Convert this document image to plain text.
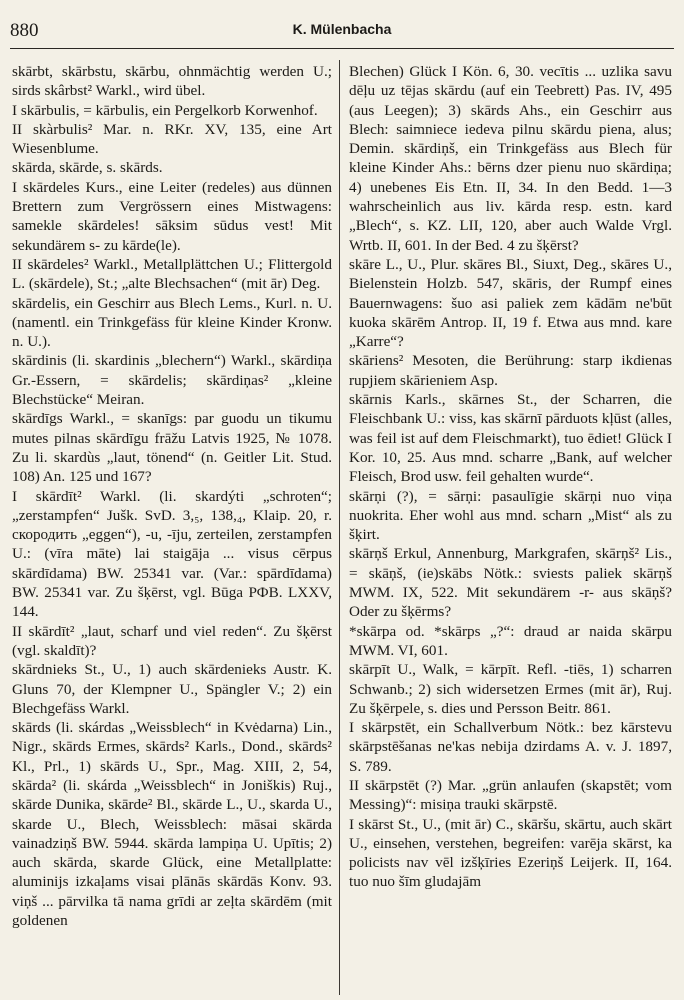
880	K. Mülenbacha
skārbt, skārbstu, skārbu, ohnmächtig werden U.; sirds skârbst² Warkl., wird übel.
I skārbulis, = kārbulis, ein Pergelkorb Korwenhof.
II skàrbulis² Mar. n. RKr. XV, 135, eine Art Wiesenblume.
skārda, skārde, s. skārds.
I skārdeles Kurs., eine Leiter (redeles) aus dünnen Brettern zum Vergrössern eines Mistwagens: samekle skārdeles! sāksim sūdus vest! Mit sekundärem s- zu kārde(le).
II skārdeles² Warkl., Metallplättchen U.; Flittergold L. (skārdele), St.; „alte Blechsachen“ (mit ār) Deg.
skārdelis, ein Geschirr aus Blech Lems., Kurl. n. U. (namentl. ein Trinkgefäss für kleine Kinder Kronw. n. U.).
skārdinis (li. skardinis „blechern“) Warkl., skārdiņa Gr.-Essern, = skārdelis; skārdiņas² „kleine Blechstücke“ Meiran.
skārdīgs Warkl., = skanīgs: par guodu un tikumu mutes pilnas skārdīgu frāžu Latvis 1925, № 1078. Zu li. skardùs „laut, tönend“ (n. Geitler Lit. Stud. 108) An. 125 und 167?
I skārdīt² Warkl. (li. skardýti „schroten“; „zerstampfen“ Jušk. SvD. 3,₅, 138,₄, Klaip. 20, r. скородить „eggen“), -u, -īju, zerteilen, zerstampfen U.: (vīra māte) lai staigāja ... visus cērpus skārdīdama) BW. 25341 var. (Var.: spārdīdama) BW. 25341 var. Zu šķērst, vgl. Būga РФВ. LXXV, 144.
II skārdīt² „laut, scharf und viel reden“. Zu šķērst (vgl. skaldīt)?
skārdnieks St., U., 1) auch skārdenieks Austr. K. Gluns 70, der Klempner U., Spängler V.; 2) ein Blechgefäss Warkl.
skārds (li. skárdas „Weissblech“ in Kvėdarna) Lin., Nigr., skārds Ermes, skārds² Karls., Dond., skārds² Kl., Prl., 1) skārds U., Spr., Mag. XIII, 2, 54, skārda² (li. skárda „Weissblech“ in Joniškis) Ruj., skārde Dunika, skārde² Bl., skārde L., U., skarda U., skarde U., Blech, Weissblech: māsai skārda vainadziņš BW. 5944. skārda lampiņa U. Upītis; 2) auch skārda, skarde Glück, eine Metallplatte: aluminijs izkaļams visai plānās skārdās Konv. 93. viņš ... pārvilka tā nama grīdi ar zeļta skārdēm (mit goldenen
Blechen) Glück I Kön. 6, 30. vecītis ... uzlika savu dēļu uz tējas skārdu (auf ein Teebrett) Pas. IV, 495 (aus Leegen); 3) skārds Ahs., ein Geschirr aus Blech: saimniece iedeva pilnu skārdu piena, alus; Demin. skārdiņš, ein Trinkgefäss aus Blech für kleine Kinder Ahs.: bērns dzer pienu nuo skārdiņa; 4) unebenes Eis Etn. II, 34. In den Bedd. 1—3 wahrscheinlich aus liv. kārda resp. estn. kard „Blech“, s. KZ. LII, 120, aber auch Walde Vrgl. Wrtb. II, 601. In der Bed. 4 zu šķērst?
skāre L., U., Plur. skāres Bl., Siuxt, Deg., skāres U., Bielenstein Holzb. 547, skāris, der Rumpf eines Bauernwagens: šuo asi paliek zem kādām ne'būt kuoka skārēm Antrop. II, 19 f. Etwa aus mnd. kare „Karre“?
skāriens² Mesoten, die Berührung: starp ikdienas rupjiem skārieniem Asp.
skārnis Karls., skārnes St., der Scharren, die Fleischbank U.: viss, kas skārnī pārduots kļūst (alles, was feil ist auf dem Fleischmarkt), tuo ēdiet! Glück I Kor. 10, 25. Aus mnd. scharre „Bank, auf welcher Fleisch, Brod usw. feil gehalten wurde“.
skārņi (?), = sārņi: pasaulīgie skārņi nuo viņa nuokrita. Eher wohl aus mnd. scharn „Mist“ als zu šķirt.
skārņš Erkul, Annenburg, Markgrafen, skārņš² Lis., = skāņš, (ie)skābs Nötk.: sviests paliek skārņš MWM. IX, 522. Mit sekundärem -r- aus skāņš? Oder zu šķērms?
*skārpa od. *skārps „?“: draud ar naida skārpu MWM. VI, 601.
skārpīt U., Walk, = kārpīt. Refl. -tiēs, 1) scharren Schwanb.; 2) sich widersetzen Ermes (mit ār), Ruj. Zu šķērpele, s. dies und Persson Beitr. 861.
I skārpstēt, ein Schallverbum Nötk.: bez kārstevu skārpstēšanas ne'kas nebija dzirdams A. v. J. 1897, S. 789.
II skārpstēt (?) Mar. „grün anlaufen (skapstēt; vom Messing)“: misiņa trauki skārpstē.
I skārst St., U., (mit ār) C., skāršu, skārtu, auch skārt U., einsehen, verstehen, begreifen: varēja skārst, ka policists nav vēl izšķīries Ezeriņš Leijerk. II, 164. tuo nuo šīm gludajām
